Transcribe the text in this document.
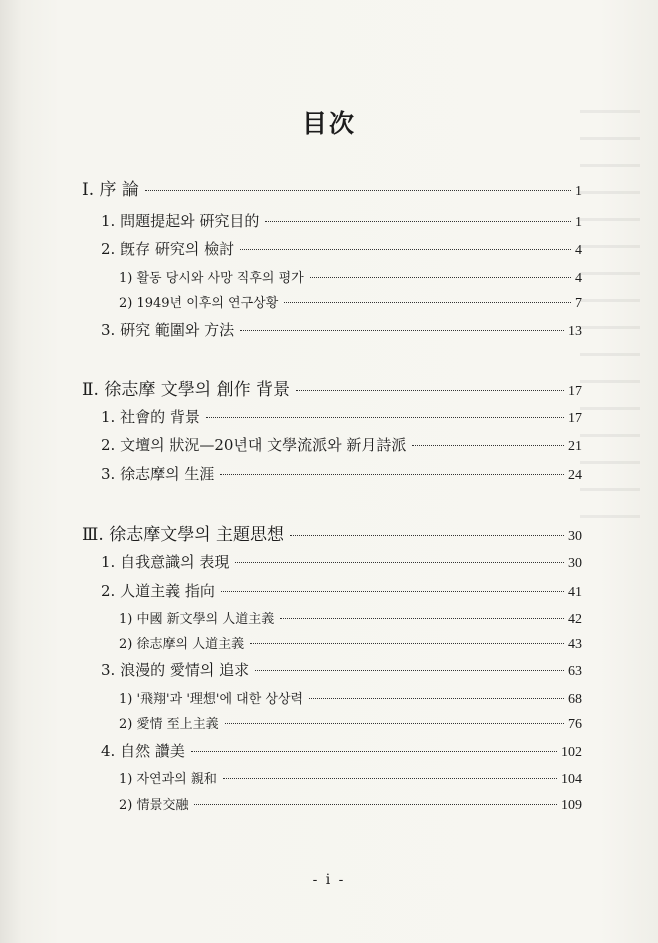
目次
Ⅰ. 序 論	1
1. 問題提起와 硏究目的	1
2. 旣存 硏究의 檢討	4
1) 활동 당시와 사망 직후의 평가	4
2) 1949년 이후의 연구상황	7
3. 硏究 範圍와 方法	13
Ⅱ. 徐志摩 文學의 創作 背景	17
1. 社會的 背景	17
2. 文壇의 狀況—20년대 文學流派와 新月詩派	21
3. 徐志摩의 生涯	24
Ⅲ. 徐志摩文學의 主題思想	30
1. 自我意識의 表現	30
2. 人道主義 指向	41
1) 中國 新文學의 人道主義	42
2) 徐志摩의 人道主義	43
3. 浪漫的 愛情의 追求	63
1) '飛翔'과 '理想'에 대한 상상력	68
2) 愛情 至上主義	76
4. 自然 讚美	102
1) 자연과의 親和	104
2) 情景交融	109
- i -
